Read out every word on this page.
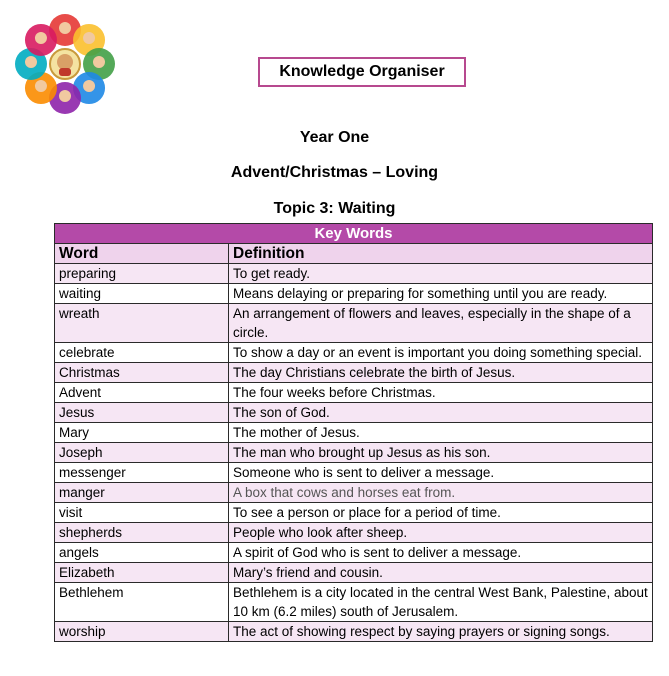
Knowledge Organiser
Year One
Advent/Christmas – Loving
Topic 3: Waiting
Key Words	
Word	Definition
preparing	To get ready.
waiting	Means delaying or preparing for something until you are ready.
wreath	An arrangement of flowers and leaves, especially in the shape of a circle.
celebrate	To show a day or an event is important you doing something special.
Christmas	The day Christians celebrate the birth of Jesus.
Advent	The four weeks before Christmas.
Jesus	The son of God.
Mary	The mother of Jesus.
Joseph	The man who brought up Jesus as his son.
messenger	Someone who is sent to deliver a message.
manger	A box that cows and horses eat from.
visit	To see a person or place for a period of time.
shepherds	People who look after sheep.
angels	A spirit of God who is sent to deliver a message.
Elizabeth	Mary’s friend and cousin.
Bethlehem	Bethlehem is a city located in the central West Bank, Palestine, about 10 km (6.2 miles) south of Jerusalem.
worship	The act of showing respect by saying prayers or signing songs.
